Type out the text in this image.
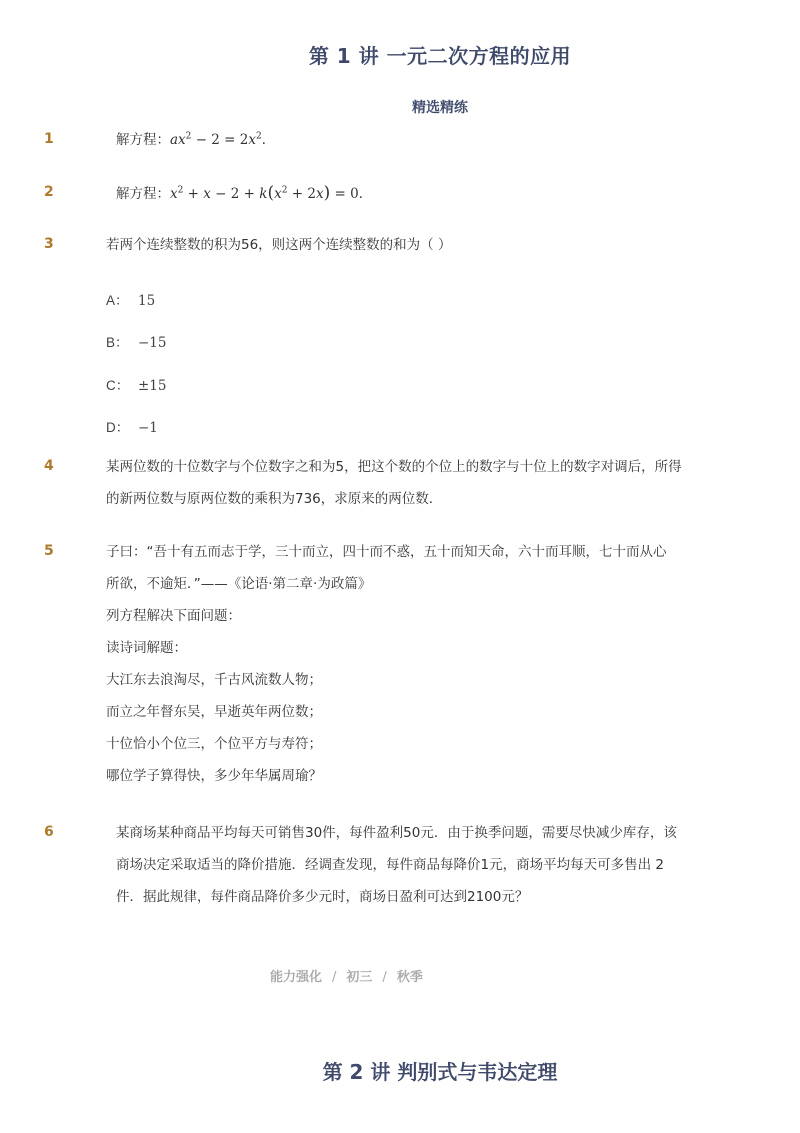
第 1 讲 一元二次方程的应用
精选精练
1	解方程：$ax^2 - 2 = 2x^2$．
2	解方程：$x^2 + x - 2 + k(x^2 + 2x) = 0$．
3	若两个连续整数的积为56，则这两个连续整数的和为（ ）
A： 15
B： −15
C： ±15
D： −1
4	某两位数的十位数字与个位数字之和为5，把这个数的个位上的数字与十位上的数字对调后，所得
的新两位数与原两位数的乘积为736，求原来的两位数．
5	子曰：“吾十有五而志于学，三十而立，四十而不惑，五十而知天命，六十而耳顺，七十而从心
所欲，不逾矩．”——《论语·第二章·为政篇》
列方程解决下面问题：
读诗词解题：
大江东去浪淘尽，千古风流数人物；
而立之年督东吴，早逝英年两位数；
十位恰小个位三，个位平方与寿符；
哪位学子算得快，多少年华属周瑜？
6	某商场某种商品平均每天可销售30件，每件盈利50元．由于换季问题，需要尽快减少库存，该
商场决定采取适当的降价措施．经调查发现，每件商品每降价1元，商场平均每天可多售出 2
件．据此规律，每件商品降价多少元时，商场日盈利可达到2100元？
能力强化 / 初三 / 秋季
第 2 讲 判别式与韦达定理
